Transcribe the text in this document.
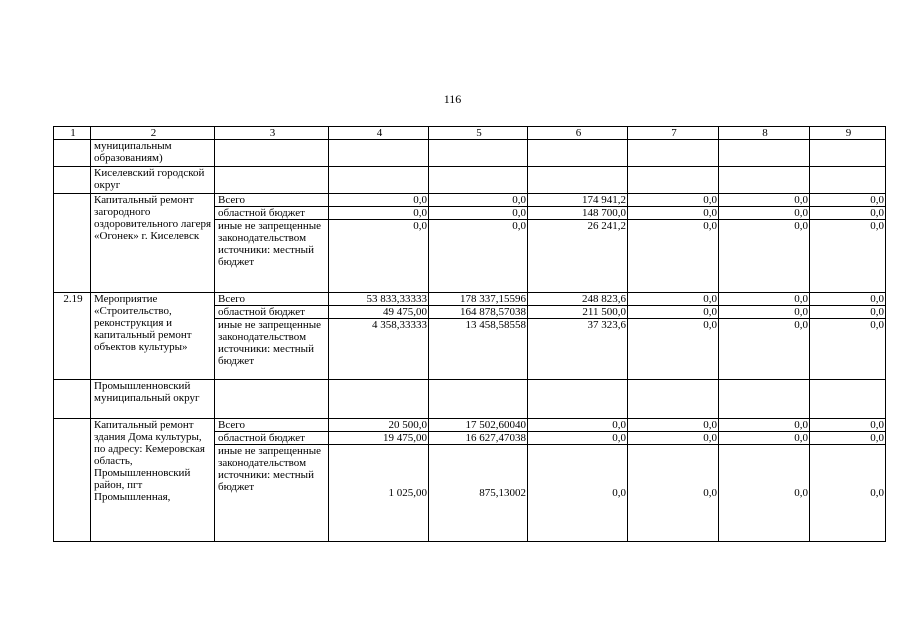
116
1	2	3	4	5	6	7	8	9
	муниципальным образованиям)							
	Киселевский городской округ							
	Капитальный ремонт загородного оздоровительного лагеря «Огонек» г. Киселевск	Всего	0,0	0,0	174 941,2	0,0	0,0	0,0
		областной бюджет	0,0	0,0	148 700,0	0,0	0,0	0,0
		иные не запрещенные законодательством источники: местный бюджет	0,0	0,0	26 241,2	0,0	0,0	0,0
2.19	Мероприятие «Строительство, реконструкция и капитальный ремонт объектов культуры»	Всего	53 833,33333	178 337,15596	248 823,6	0,0	0,0	0,0
		областной бюджет	49 475,00	164 878,57038	211 500,0	0,0	0,0	0,0
		иные не запрещенные законодательством источники: местный бюджет	4 358,33333	13 458,58558	37 323,6	0,0	0,0	0,0
	Промышленновский муниципальный округ							
	Капитальный ремонт здания Дома культуры, по адресу: Кемеровская область, Промышленновский район, пгт Промышленная,	Всего	20 500,0	17 502,60040	0,0	0,0	0,0	0,0
		областной бюджет	19 475,00	16 627,47038	0,0	0,0	0,0	0,0
		иные не запрещенные законодательством источники: местный бюджет	1 025,00	875,13002	0,0	0,0	0,0	0,0
